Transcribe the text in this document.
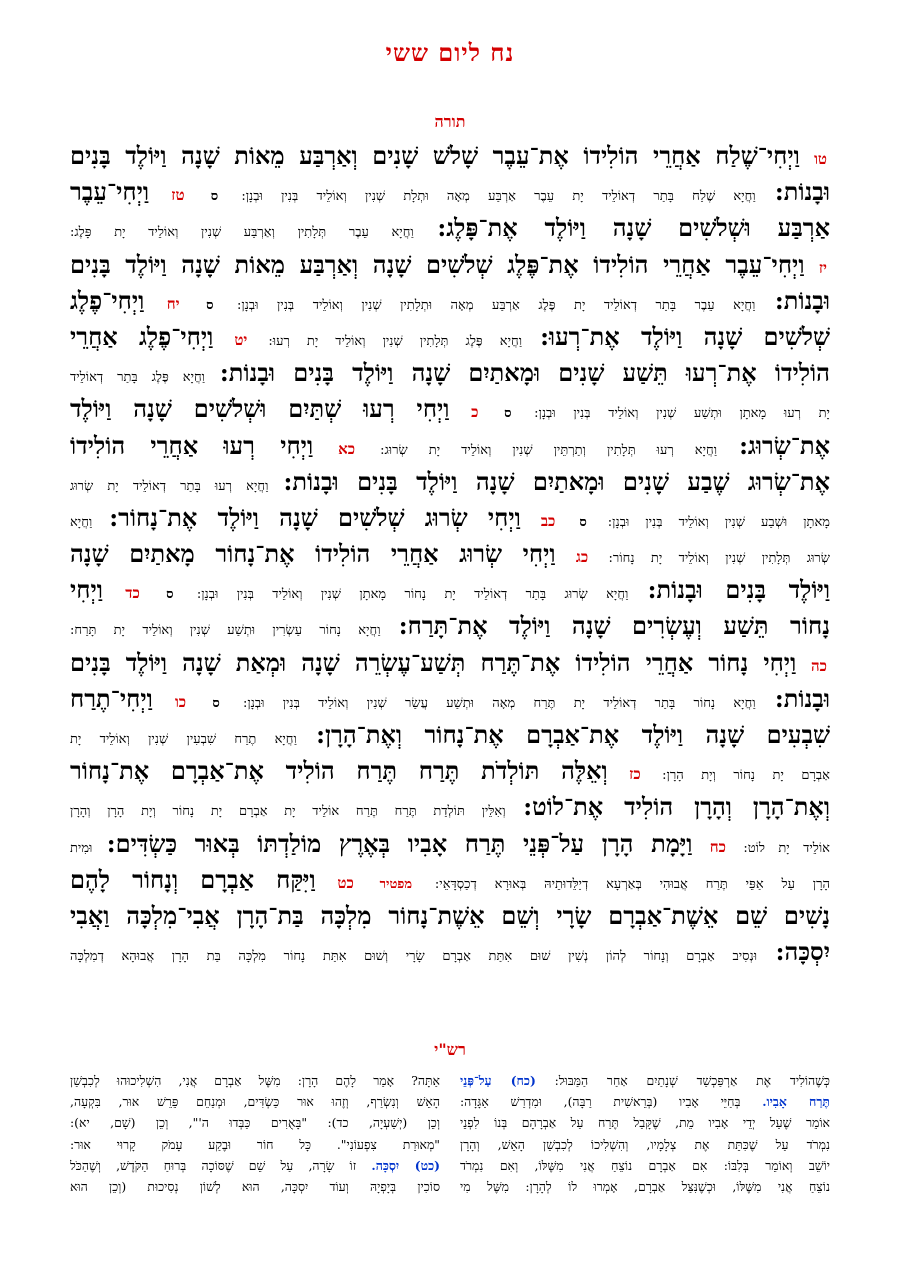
נח ליום ששי
תורה
טו וַיְחִי־שֶׁלַח אַחֲרֵי הוֹלִידוֹ אֶת־עֵבֶר שָׁלֹשׁ שָׁנִים וְאַרְבַּע מֵאוֹת שָׁנָה וַיּוֹלֶד בָּנִים
וּבָנוֹת: וַחֲיָא שֶׁלַח בָּתַר דְאוֹלֵיד יָת עֵבֶר אַרְבַּע מְאָה וּתְלָת שְׁנִין וְאוֹלֵיד בְּנִין וּבְנָן: ס טז וַיְחִי־עֵבֶר
אַרְבַּע וּשְׁלֹשִׁים שָׁנָה וַיּוֹלֶד אֶת־פָּלֶג: וַחֲיָא עֵבֶר תְּלָתִין וְאַרְבַּע שְׁנִין וְאוֹלֵיד יָת פָּלֶג:
יז וַיְחִי־עֵבֶר אַחֲרֵי הוֹלִידוֹ אֶת־פֶּלֶג שְׁלֹשִׁים שָׁנָה וְאַרְבַּע מֵאוֹת שָׁנָה וַיּוֹלֶד בָּנִים
וּבָנוֹת: וַחֲיָא עֵבֶר בָּתַר דְאוֹלֵיד יָת פֶּלֶג אַרְבַּע מְאָה וּתְלָתִין שְׁנִין וְאוֹלֵיד בְּנִין וּבְנָן: ס יח וַיְחִי־פֶלֶג
שְׁלֹשִׁים שָׁנָה וַיּוֹלֶד אֶת־רְעוּ: וַחֲיָא פֶּלֶג תְּלָתִין שְׁנִין וְאוֹלֵיד יָת רְעוּ: יט וַיְחִי־פֶלֶג אַחֲרֵי
הוֹלִידוֹ אֶת־רְעוּ תֵּשַׁע שָׁנִים וּמָאתַיִם שָׁנָה וַיּוֹלֶד בָּנִים וּבָנוֹת: וַחֲיָא פֶּלֶג בָּתַר דְאוֹלֵיד
יָת רְעוּ מָאתָן וּתְשַׁע שְׁנִין וְאוֹלֵיד בְּנִין וּבְנָן: ס כ וַיְחִי רְעוּ שְׁתַּיִם וּשְׁלֹשִׁים שָׁנָה וַיּוֹלֶד
אֶת־שְׂרוּג: וַחֲיָא רְעוּ תְּלָתִין וְתַרְתֵּין שְׁנִין וְאוֹלֵיד יָת שְׂרוּג: כא וַיְחִי רְעוּ אַחֲרֵי הוֹלִידוֹ
אֶת־שְׂרוּג שֶׁבַע שָׁנִים וּמָאתַיִם שָׁנָה וַיּוֹלֶד בָּנִים וּבָנוֹת: וַחֲיָא רְעוּ בָּתַר דְאוֹלֵיד יָת שְׂרוּג
מָאתָן וּשְׁבַע שְׁנִין וְאוֹלֵיד בְּנִין וּבְנָן: ס כב וַיְחִי שְׂרוּג שְׁלֹשִׁים שָׁנָה וַיּוֹלֶד אֶת־נָחוֹר: וַחֲיָא
שְׂרוּג תְּלָתִין שְׁנִין וְאוֹלֵיד יָת נָחוֹר: כג וַיְחִי שְׂרוּג אַחֲרֵי הוֹלִידוֹ אֶת־נָחוֹר מָאתַיִם שָׁנָה
וַיּוֹלֶד בָּנִים וּבָנוֹת: וַחֲיָא שְׂרוּג בָּתַר דְאוֹלֵיד יָת נָחוֹר מָאתָן שְׁנִין וְאוֹלֵיד בְּנִין וּבְנָן: ס כד וַיְחִי
נָחוֹר תֵּשַׁע וְעֶשְׂרִים שָׁנָה וַיּוֹלֶד אֶת־תָּרַח: וַחֲיָא נָחוֹר עַשְׂרִין וּתְשַׁע שְׁנִין וְאוֹלֵיד יָת תָּרַח:
כה וַיְחִי נָחוֹר אַחֲרֵי הוֹלִידוֹ אֶת־תֶּרַח תְּשַׁע־עֶשְׂרֵה שָׁנָה וּמְאַת שָׁנָה וַיּוֹלֶד בָּנִים
וּבָנוֹת: וַחֲיָא נָחוֹר בָּתַר דְאוֹלֵיד יָת תֶּרַח מְאָה וּתְשַׁע עֲשַׂר שְׁנִין וְאוֹלֵיד בְּנִין וּבְנָן: ס כו וַיְחִי־תֶרַח
שִׁבְעִים שָׁנָה וַיּוֹלֶד אֶת־אַבְרָם אֶת־נָחוֹר וְאֶת־הָרָן: וַחֲיָא תֶרַח שִׁבְעִין שְׁנִין וְאוֹלֵיד יָת
אַבְרָם יָת נָחוֹר וְיָת הָרָן: כז וְאֵלֶּה תּוֹלְדֹת תֶּרַח תֶּרַח הוֹלִיד אֶת־אַבְרָם אֶת־נָחוֹר
וְאֶת־הָרָן וְהָרָן הוֹלִיד אֶת־לוֹט: וְאִלֵּין תּוֹלְדַת תֶּרַח תֶּרַח אוֹלֵיד יָת אַבְרָם יָת נָחוֹר וְיָת הָרָן וְהָרָן
אוֹלֵיד יָת לוֹט: כח וַיָּמָת הָרָן עַל־פְּנֵי תֶּרַח אָבִיו בְּאֶרֶץ מוֹלַדְתּוֹ בְּאוּר כַּשְׂדִּים: וּמִית
הָרָן עַל אַפֵּי תֶּרַח אֲבוּהִי בְּאַרְעָא דְיַלֵּדוּתֵיהּ בְּאוּרָא דְכַסְדָּאֵי: מפטיר כט וַיִּקַּח אַבְרָם וְנָחוֹר לָהֶם
נָשִׁים שֵׁם אֵשֶׁת־אַבְרָם שָׂרָי וְשֵׁם אֵשֶׁת־נָחוֹר מִלְכָּה בַּת־הָרָן אֲבִי־מִלְכָּה וַאֲבִי
יִסְכָּה: וּנְסִיב אַבְרָם וְנָחוֹר לְהוֹן נְשִׁין שׁוּם אִתַּת אַבְרָם שָׂרָי וְשׁוּם אִתַּת נָחוֹר מִלְכָּה בַּת הָרָן אֲבוּהָא דְמִלְכָּה
רש"י
כְּשֶׁהוֹלִיד אֶת אַרְפַּכְשַׁד שְׁנָתַיִם אַחַר הַמַּבּוּל: (כח) עַל־פְּנֵי
תֶּרַח אָבִיו. בְּחַיֵּי אָבִיו (בְּרֵאשִׁית רַבָּה), וּמִדְרַשׁ אַגָּדָה:
אוֹמֵר שֶׁעַל יְדֵי אָבִיו מֵת, שֶׁקָּבַל תֶּרַח עַל אַבְרָהָם בְּנוֹ לִפְנֵי
נִמְרֹד עַל שֶׁכִּתֵּת אֶת צְלָמָיו, וְהִשְׁלִיכוֹ לְכִבְשַׁן הָאֵשׁ, וְהָרָן
יוֹשֵׁב וְאוֹמֵר בְּלִבּוֹ: אִם אַבְרָם נוֹצֵחַ אֲנִי מִשֶּׁלּוֹ, וְאִם נִמְרֹד
נוֹצֵחַ אֲנִי מִשֶּׁלּוֹ, וּכְשֶׁנִּצַּל אַבְרָם, אָמְרוּ לוֹ לְהָרָן: מִשֶּׁל מִי
אַתָּה? אָמַר לָהֶם הָרָן: מִשֶּׁל אַבְרָם אֲנִי, הִשְׁלִיכוּהוּ לְכִבְשַׁן
הָאֵשׁ וְנִשְׂרַף, וְזֶהוּ אוּר כַּשְׂדִּים, וּמְנַחֵם פֵּרֵשׁ אוּר, בִּקְעָה,
וְכֵן (יְשַׁעְיָה, כד): "בָּאֻרִים כַּבְּדוּ ה'", וְכֵן (שָׁם, יא):
"מְאוּרַת צִפְעוֹנִי". כָּל חוֹר וּבֶקַע עָמֹק קָרוּי אוּר:
(כט) יִסְכָּה. זוֹ שָׂרָה, עַל שֵׁם שֶׁסּוֹכָה בְּרוּחַ הַקֹּדֶשׁ, וְשֶׁהַכֹּל
סוֹכִין בְּיָפְיָהּ וְעוֹד יִסְכָּה, הוּא לְשׁוֹן נְסִיכוּת (וְכֵן הוּא
